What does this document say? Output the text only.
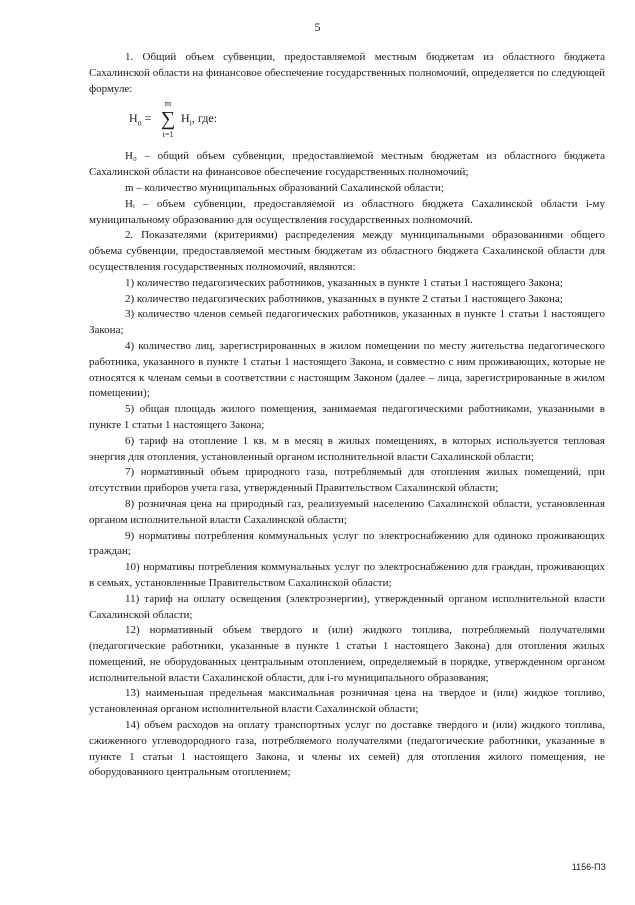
5

1. Общий объем субвенции, предоставляемой местным бюджетам из областного бюджета Сахалинской области на финансовое обеспечение государственных полномочий, определяется по следующей формуле:

$Н_о$ =
m
∑
i=1
$Н_i$, где:

Н₀ – общий объем субвенции, предоставляемой местным бюджетам из областного бюджета Сахалинской области на финансовое обеспечение государственных полномочий;

m – количество муниципальных образований Сахалинской области;

Нᵢ – объем субвенции, предоставляемой из областного бюджета Сахалинской области i-му муниципальному образованию для осуществления государственных полномочий.

2. Показателями (критериями) распределения между муниципальными образованиями общего объема субвенции, предоставляемой местным бюджетам из областного бюджета Сахалинской области для осуществления государственных полномочий, являются:

1) количество педагогических работников, указанных в пункте 1 статьи 1 настоящего Закона;

2) количество педагогических работников, указанных в пункте 2 статьи 1 настоящего Закона;

3) количество членов семьей педагогических работников, указанных в пункте 1 статьи 1 настоящего Закона;

4) количество лиц, зарегистрированных в жилом помещении по месту жительства педагогического работника, указанного в пункте 1 статьи 1 настоящего Закона, и совместно с ним проживающих, которые не относятся к членам семьи в соответствии с настоящим Законом (далее – лица, зарегистрированные в жилом помещении);

5) общая площадь жилого помещения, занимаемая педагогическими работниками, указанными в пункте 1 статьи 1 настоящего Закона;

6) тариф на отопление 1 кв. м в месяц в жилых помещениях, в которых используется тепловая энергия для отопления, установленный органом исполнительной власти Сахалинской области;

7) нормативный объем природного газа, потребляемый для отопления жилых помещений, при отсутствии приборов учета газа, утвержденный Правительством Сахалинской области;

8) розничная цена на природный газ, реализуемый населению Сахалинской области, установленная органом исполнительной власти Сахалинской области;

9) нормативы потребления коммунальных услуг по электроснабжению для одиноко проживающих граждан;

10) нормативы потребления коммунальных услуг по электроснабжению для граждан, проживающих в семьях, установленные Правительством Сахалинской области;

11) тариф на оплату освещения (электроэнергии), утвержденный органом исполнительной власти Сахалинской области;

12) нормативный объем твердого и (или) жидкого топлива, потребляемый получателями (педагогические работники, указанные в пункте 1 статьи 1 настоящего Закона) для отопления жилых помещений, не оборудованных центральным отоплением, определяемый в порядке, утвержденном органом исполнительной власти Сахалинской области, для i-го муниципального образования;

13) наименьшая предельная максимальная розничная цена на твердое и (или) жидкое топливо, установленная органом исполнительной власти Сахалинской области;

14) объем расходов на оплату транспортных услуг по доставке твердого и (или) жидкого топлива, сжиженного углеводородного газа, потребляемого получателями (педагогические работники, указанные в пункте 1 статьи 1 настоящего Закона, и члены их семей) для отопления жилого помещения, не оборудованного центральным отоплением;

1156-ПЗ
